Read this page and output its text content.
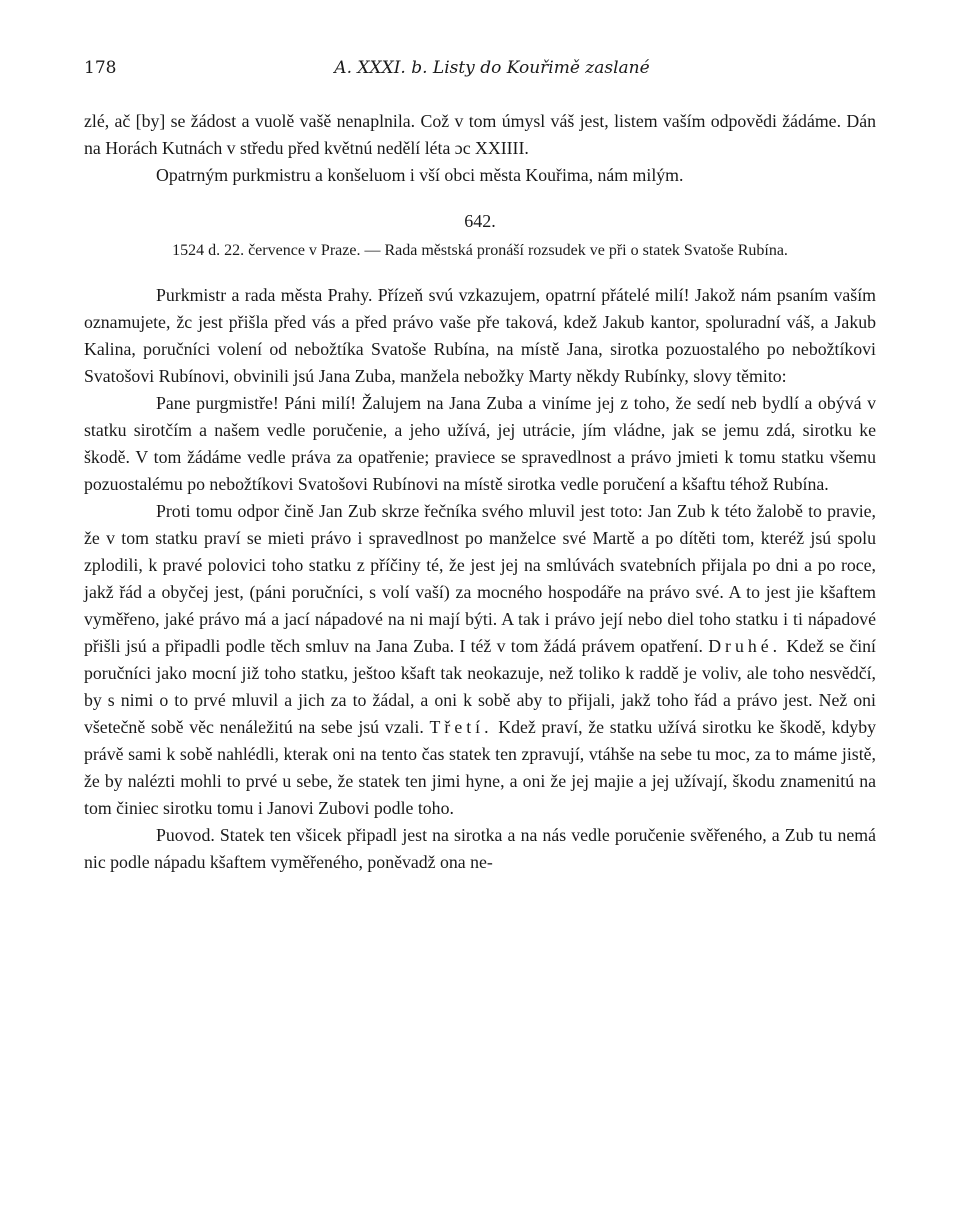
178	A. XXXI. b. Listy do Kouřimě zaslané

zlé, ač [by] se žádost a vuolě vašě nenaplnila. Což v tom úmysl váš jest, listem vaším odpovědi žádáme. Dán na Horách Kutnách v středu před květnú nedělí léta ɔc XXIIII.

Opatrným purkmistru a konšeluom i vší obci města Kouřima, nám milým.

642.
1524 d. 22. července v Praze. — Rada městská pronáší rozsudek ve při o statek Svatoše Rubína.

Purkmistr a rada města Prahy. Přízeň svú vzkazujem, opatrní přátelé milí! Jakož nám psaním vaším oznamujete, žc jest přišla před vás a před právo vaše pře taková, kdež Jakub kantor, spoluradní váš, a Jakub Kalina, poručníci volení od nebožtíka Svatoše Rubína, na místě Jana, sirotka pozuostalého po nebožtíkovi Svatošovi Rubínovi, obvinili jsú Jana Zuba, manžela nebožky Marty někdy Rubínky, slovy těmito:

Pane purgmistře! Páni milí! Žalujem na Jana Zuba a viníme jej z toho, že sedí neb bydlí a obývá v statku sirotčím a našem vedle poručenie, a jeho užívá, jej utrácie, jím vládne, jak se jemu zdá, sirotku ke škodě. V tom žádáme vedle práva za opatřenie; praviece se spravedlnost a právo jmieti k tomu statku všemu pozuostalému po nebožtíkovi Svatošovi Rubínovi na místě sirotka vedle poručení a kšaftu téhož Rubína.

Proti tomu odpor čině Jan Zub skrze řečníka svého mluvil jest toto: Jan Zub k této žalobě to pravie, že v tom statku praví se mieti právo i spravedlnost po manželce své Martě a po dítěti tom, kteréž jsú spolu zplodili, k pravé polovici toho statku z příčiny té, že jest jej na smlúvách svatebních přijala po dni a po roce, jakž řád a obyčej jest, (páni poručníci, s volí vaší) za mocného hospodáře na právo své. A to jest jie kšaftem vyměřeno, jaké právo má a jací nápadové na ni mají býti. A tak i právo její nebo diel toho statku i ti nápadové přišli jsú a připadli podle těch smluv na Jana Zuba. I též v tom žádá právem opatření. Druhé. Kdež se činí poručníci jako mocní již toho statku, ještoo kšaft tak neokazuje, než toliko k raddě je voliv, ale toho nesvědčí, by s nimi o to prvé mluvil a jich za to žádal, a oni k sobě aby to přijali, jakž toho řád a právo jest. Než oni všetečně sobě věc nenáležitú na sebe jsú vzali. Třetí. Kdež praví, že statku užívá sirotku ke škodě, kdyby právě sami k sobě nahlédli, kterak oni na tento čas statek ten zpravují, vtáhše na sebe tu moc, za to máme jistě, že by nalézti mohli to prvé u sebe, že statek ten jimi hyne, a oni že jej majie a jej užívají, škodu znamenitú na tom činiec sirotku tomu i Janovi Zubovi podle toho.

Puovod. Statek ten všicek připadl jest na sirotka a na nás vedle poručenie svěřeného, a Zub tu nemá nic podle nápadu kšaftem vyměřeného, poněvadž ona ne-
